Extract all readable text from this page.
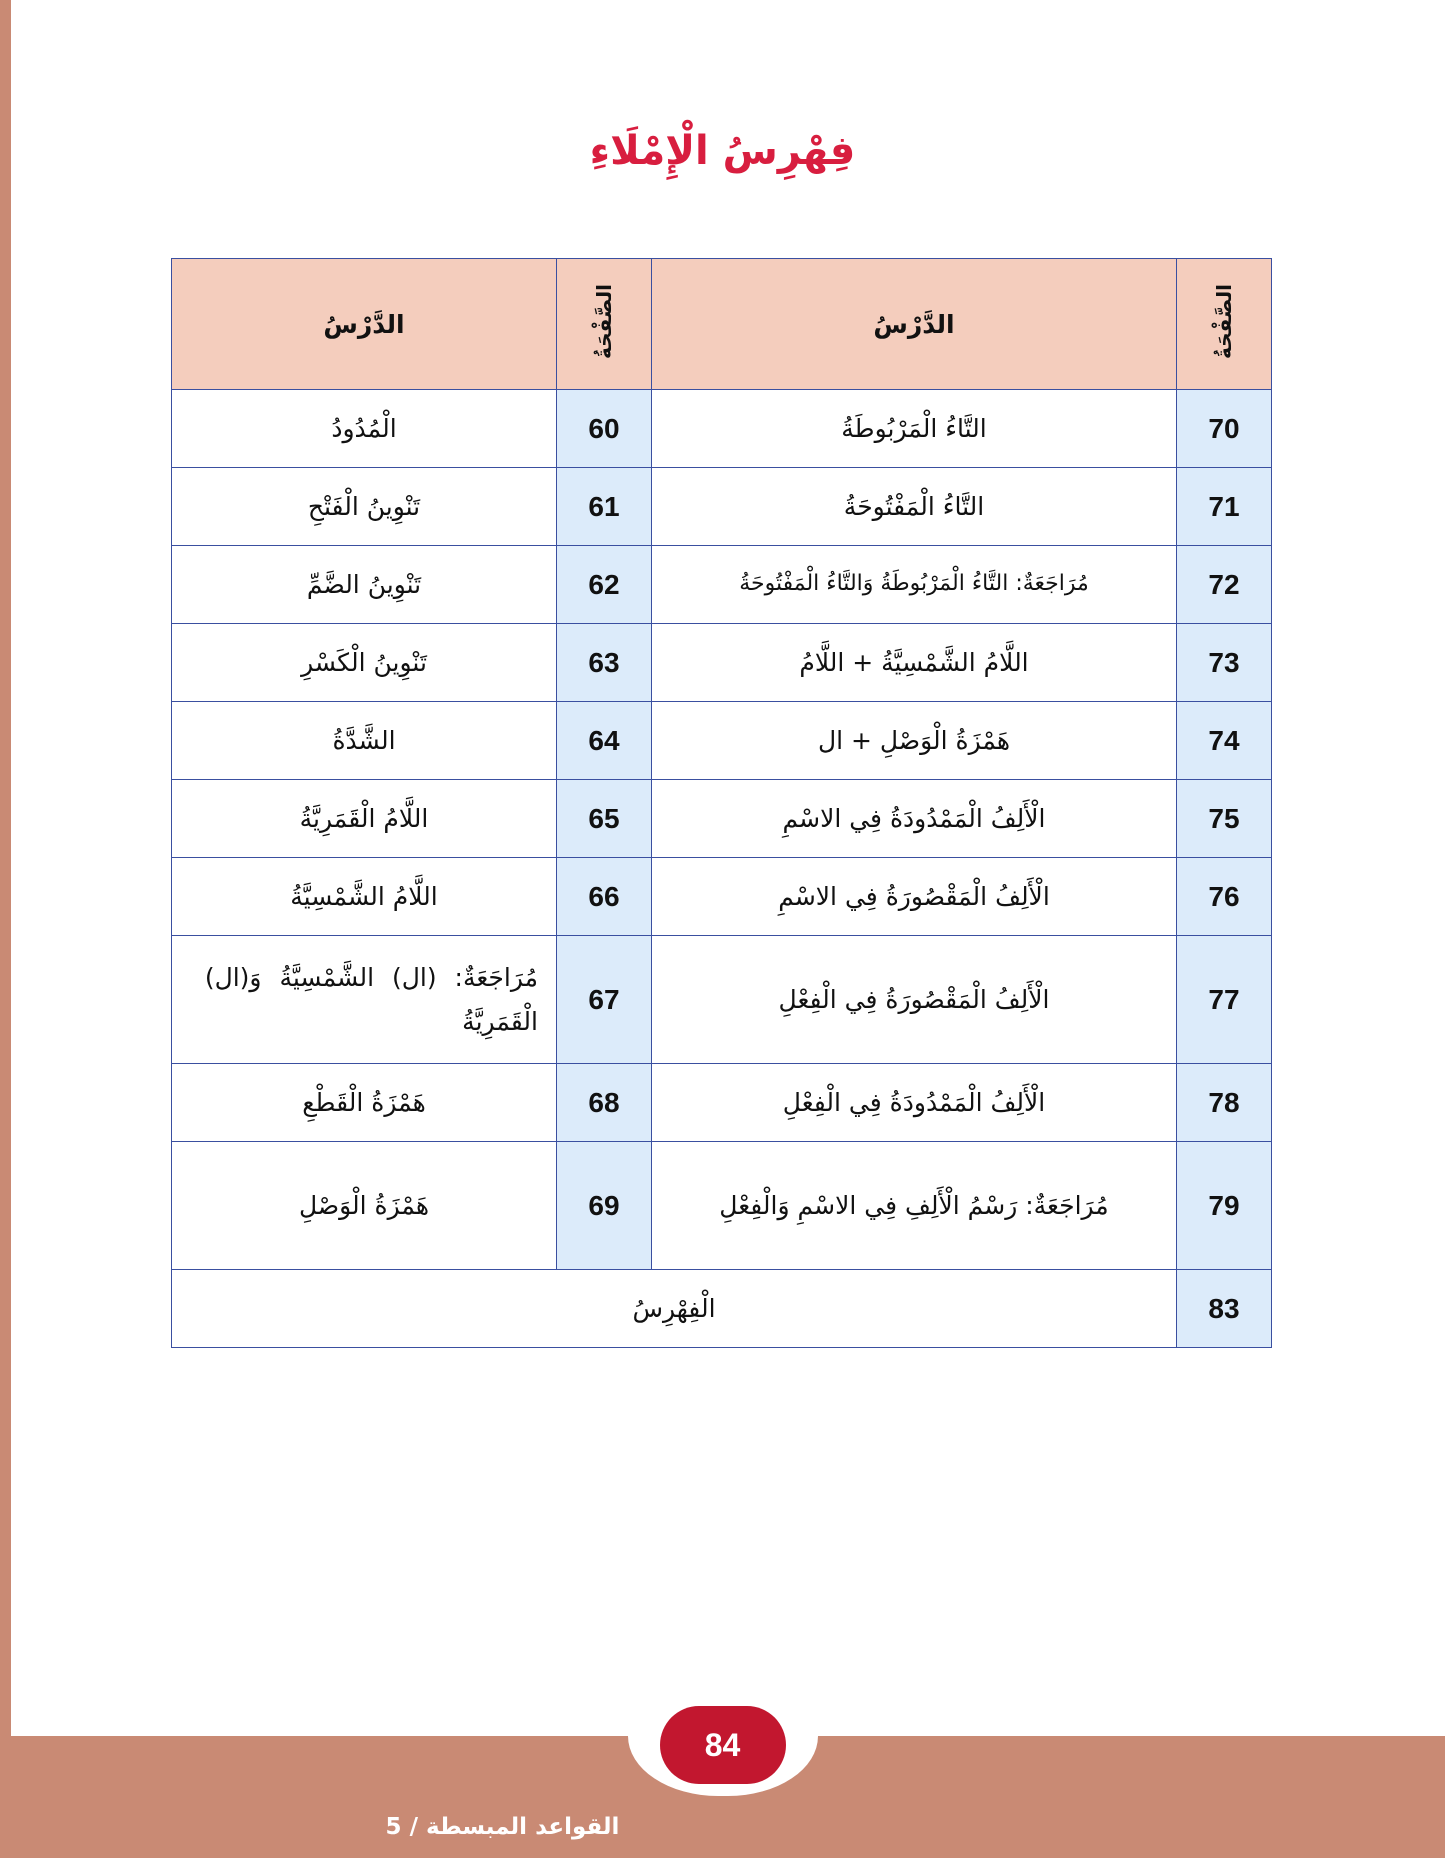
فِهْرِسُ الْإِمْلَاءِ
الصَّفْحَةُ	الدَّرْسُ	الصَّفْحَةُ	الدَّرْسُ
70	التَّاءُ الْمَرْبُوطَةُ	60	الْمُدُودُ
71	التَّاءُ الْمَفْتُوحَةُ	61	تَنْوِينُ الْفَتْحِ
72	مُرَاجَعَةٌ: التَّاءُ الْمَرْبُوطَةُ وَالتَّاءُ الْمَفْتُوحَةُ	62	تَنْوِينُ الضَّمِّ
73	اللَّامُ الشَّمْسِيَّةُ + اللَّامُ	63	تَنْوِينُ الْكَسْرِ
74	هَمْزَةُ الْوَصْلِ + ال	64	الشَّدَّةُ
75	الْأَلِفُ الْمَمْدُودَةُ فِي الاسْمِ	65	اللَّامُ الْقَمَرِيَّةُ
76	الْأَلِفُ الْمَقْصُورَةُ فِي الاسْمِ	66	اللَّامُ الشَّمْسِيَّةُ
77	الْأَلِفُ الْمَقْصُورَةُ فِي الْفِعْلِ	67	مُرَاجَعَةٌ: (ال) الشَّمْسِيَّةُ وَ(ال) الْقَمَرِيَّةُ
78	الْأَلِفُ الْمَمْدُودَةُ فِي الْفِعْلِ	68	هَمْزَةُ الْقَطْعِ
79	مُرَاجَعَةٌ: رَسْمُ الْأَلِفِ فِي الاسْمِ وَالْفِعْلِ	69	هَمْزَةُ الْوَصْلِ
83	الْفِهْرِسُ		
84
القواعد المبسطة / 5
